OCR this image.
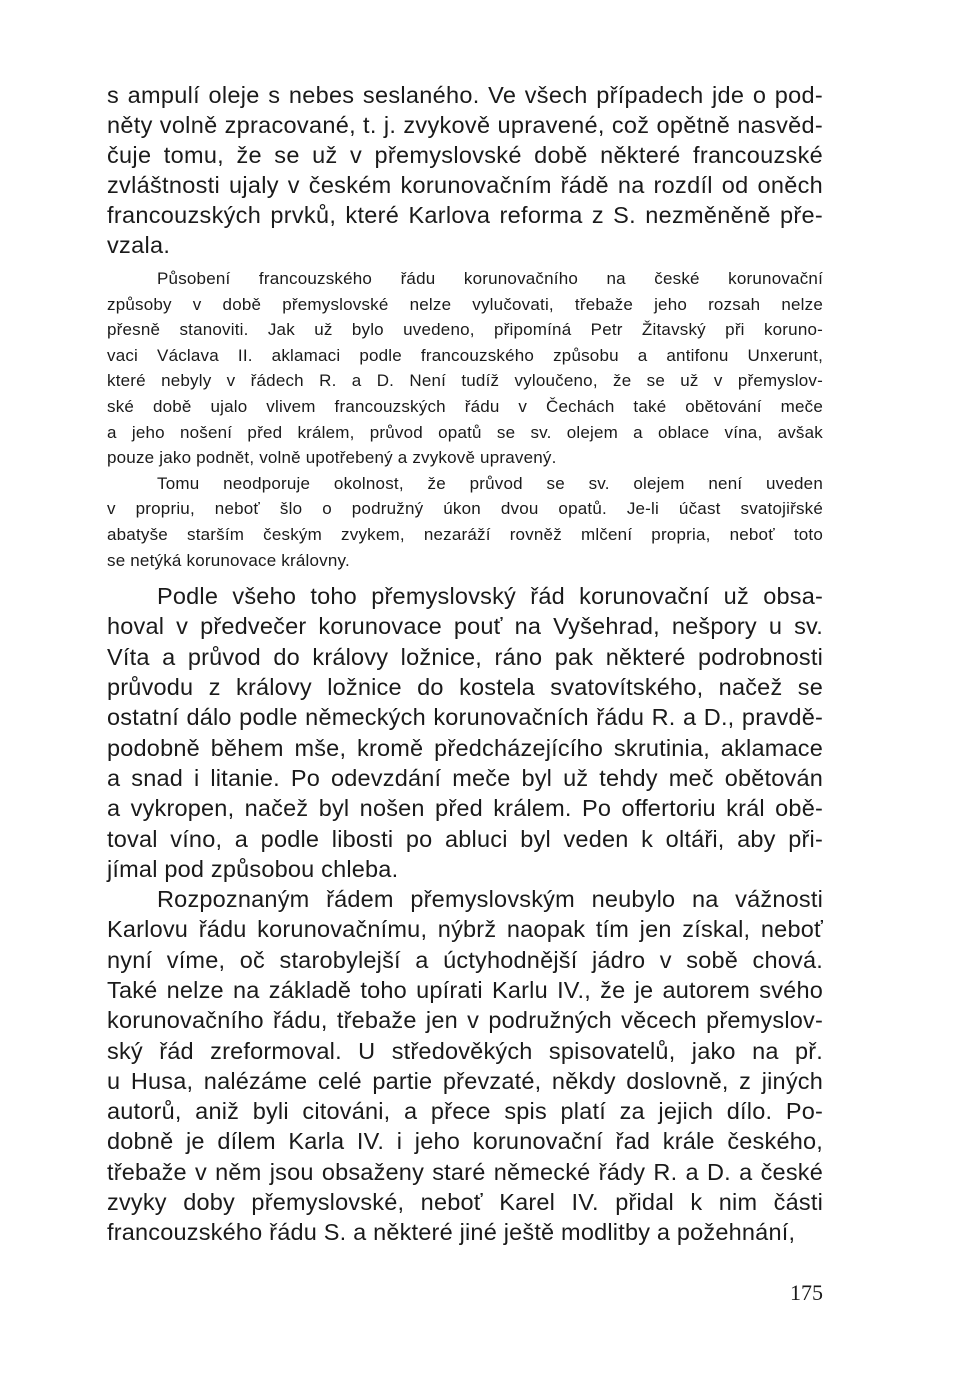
s ampulí oleje s nebes seslaného. Ve všech případech jde o pod-
něty volně zpracované, t. j. zvykově upravené, což opětně nasvěd-
čuje tomu, že se už v přemyslovské době některé francouzské
zvláštnosti ujaly v českém korunovačním řádě na rozdíl od oněch
francouzských prvků, které Karlova reforma z S. nezměněně pře-
vzala.
Působení francouzského řádu korunovačního na české korunovační
způsoby v době přemyslovské nelze vylučovati, třebaže jeho rozsah nelze
přesně stanoviti. Jak už bylo uvedeno, připomíná Petr Žitavský při koruno-
vaci Václava II. aklamaci podle francouzského způsobu a antifonu Unxerunt,
které nebyly v řádech R. a D. Není tudíž vyloučeno, že se už v přemyslov-
ské době ujalo vlivem francouzských řádu v Čechách také obětování meče
a jeho nošení před králem, průvod opatů se sv. olejem a oblace vína, avšak
pouze jako podnět, volně upotřebený a zvykově upravený.
Tomu neodporuje okolnost, že průvod se sv. olejem není uveden
v propriu, neboť šlo o podružný úkon dvou opatů. Je-li účast svatojiřské
abatyše starším českým zvykem, nezaráží rovněž mlčení propria, neboť toto
se netýká korunovace královny.
Podle všeho toho přemyslovský řád korunovační už obsa-
hoval v předvečer korunovace pouť na Vyšehrad, nešpory u sv.
Víta a průvod do královy ložnice, ráno pak některé podrobnosti
průvodu z královy ložnice do kostela svatovítského, načež se
ostatní dálo podle německých korunovačních řádu R. a D., pravdě-
podobně během mše, kromě předcházejícího skrutinia, aklamace
a snad i litanie. Po odevzdání meče byl už tehdy meč obětován
a vykropen, načež byl nošen před králem. Po offertoriu král obě-
toval víno, a podle libosti po abluci byl veden k oltáři, aby při-
jímal pod způsobou chleba.
Rozpoznaným řádem přemyslovským neubylo na vážnosti
Karlovu řádu korunovačnímu, nýbrž naopak tím jen získal, neboť
nyní víme, oč starobylejší a úctyhodnější jádro v sobě chová.
Také nelze na základě toho upírati Karlu IV., že je autorem svého
korunovačního řádu, třebaže jen v podružných věcech přemyslov-
ský řád zreformoval. U středověkých spisovatelů, jako na př.
u Husa, nalézáme celé partie převzaté, někdy doslovně, z jiných
autorů, aniž byli citováni, a přece spis platí za jejich dílo. Po-
dobně je dílem Karla IV. i jeho korunovační řad krále českého,
třebaže v něm jsou obsaženy staré německé řády R. a D. a české
zvyky doby přemyslovské, neboť Karel IV. přidal k nim části
francouzského řádu S. a některé jiné ještě modlitby a požehnání,
175
